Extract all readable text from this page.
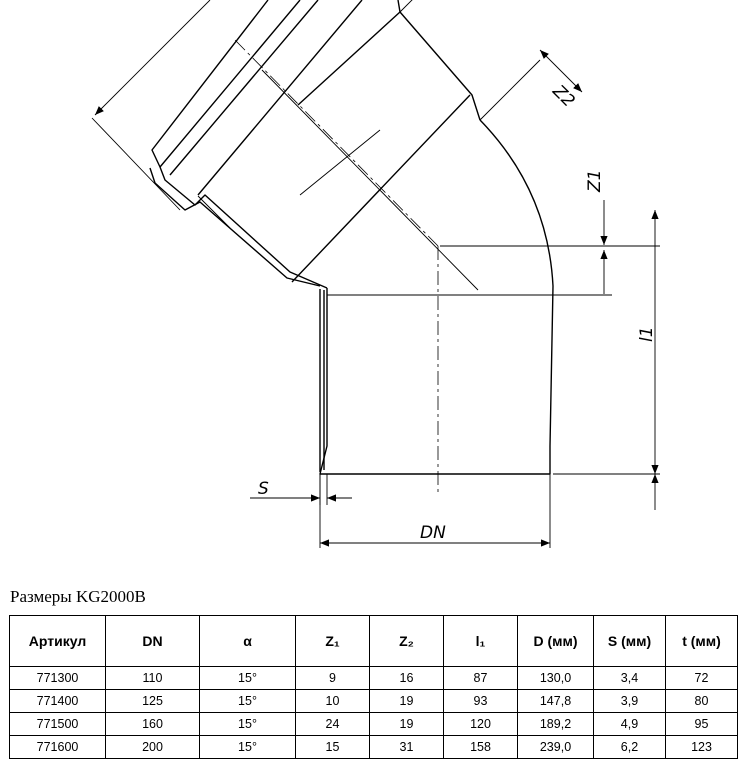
Z2
Z1
l1
S
DN
Размеры KG2000B
Артикул	DN	α	Z₁	Z₂	l₁	D (мм)	S (мм)	t (мм)
771300	110	15°	9	16	87	130,0	3,4	72
771400	125	15°	10	19	93	147,8	3,9	80
771500	160	15°	24	19	120	189,2	4,9	95
771600	200	15°	15	31	158	239,0	6,2	123
